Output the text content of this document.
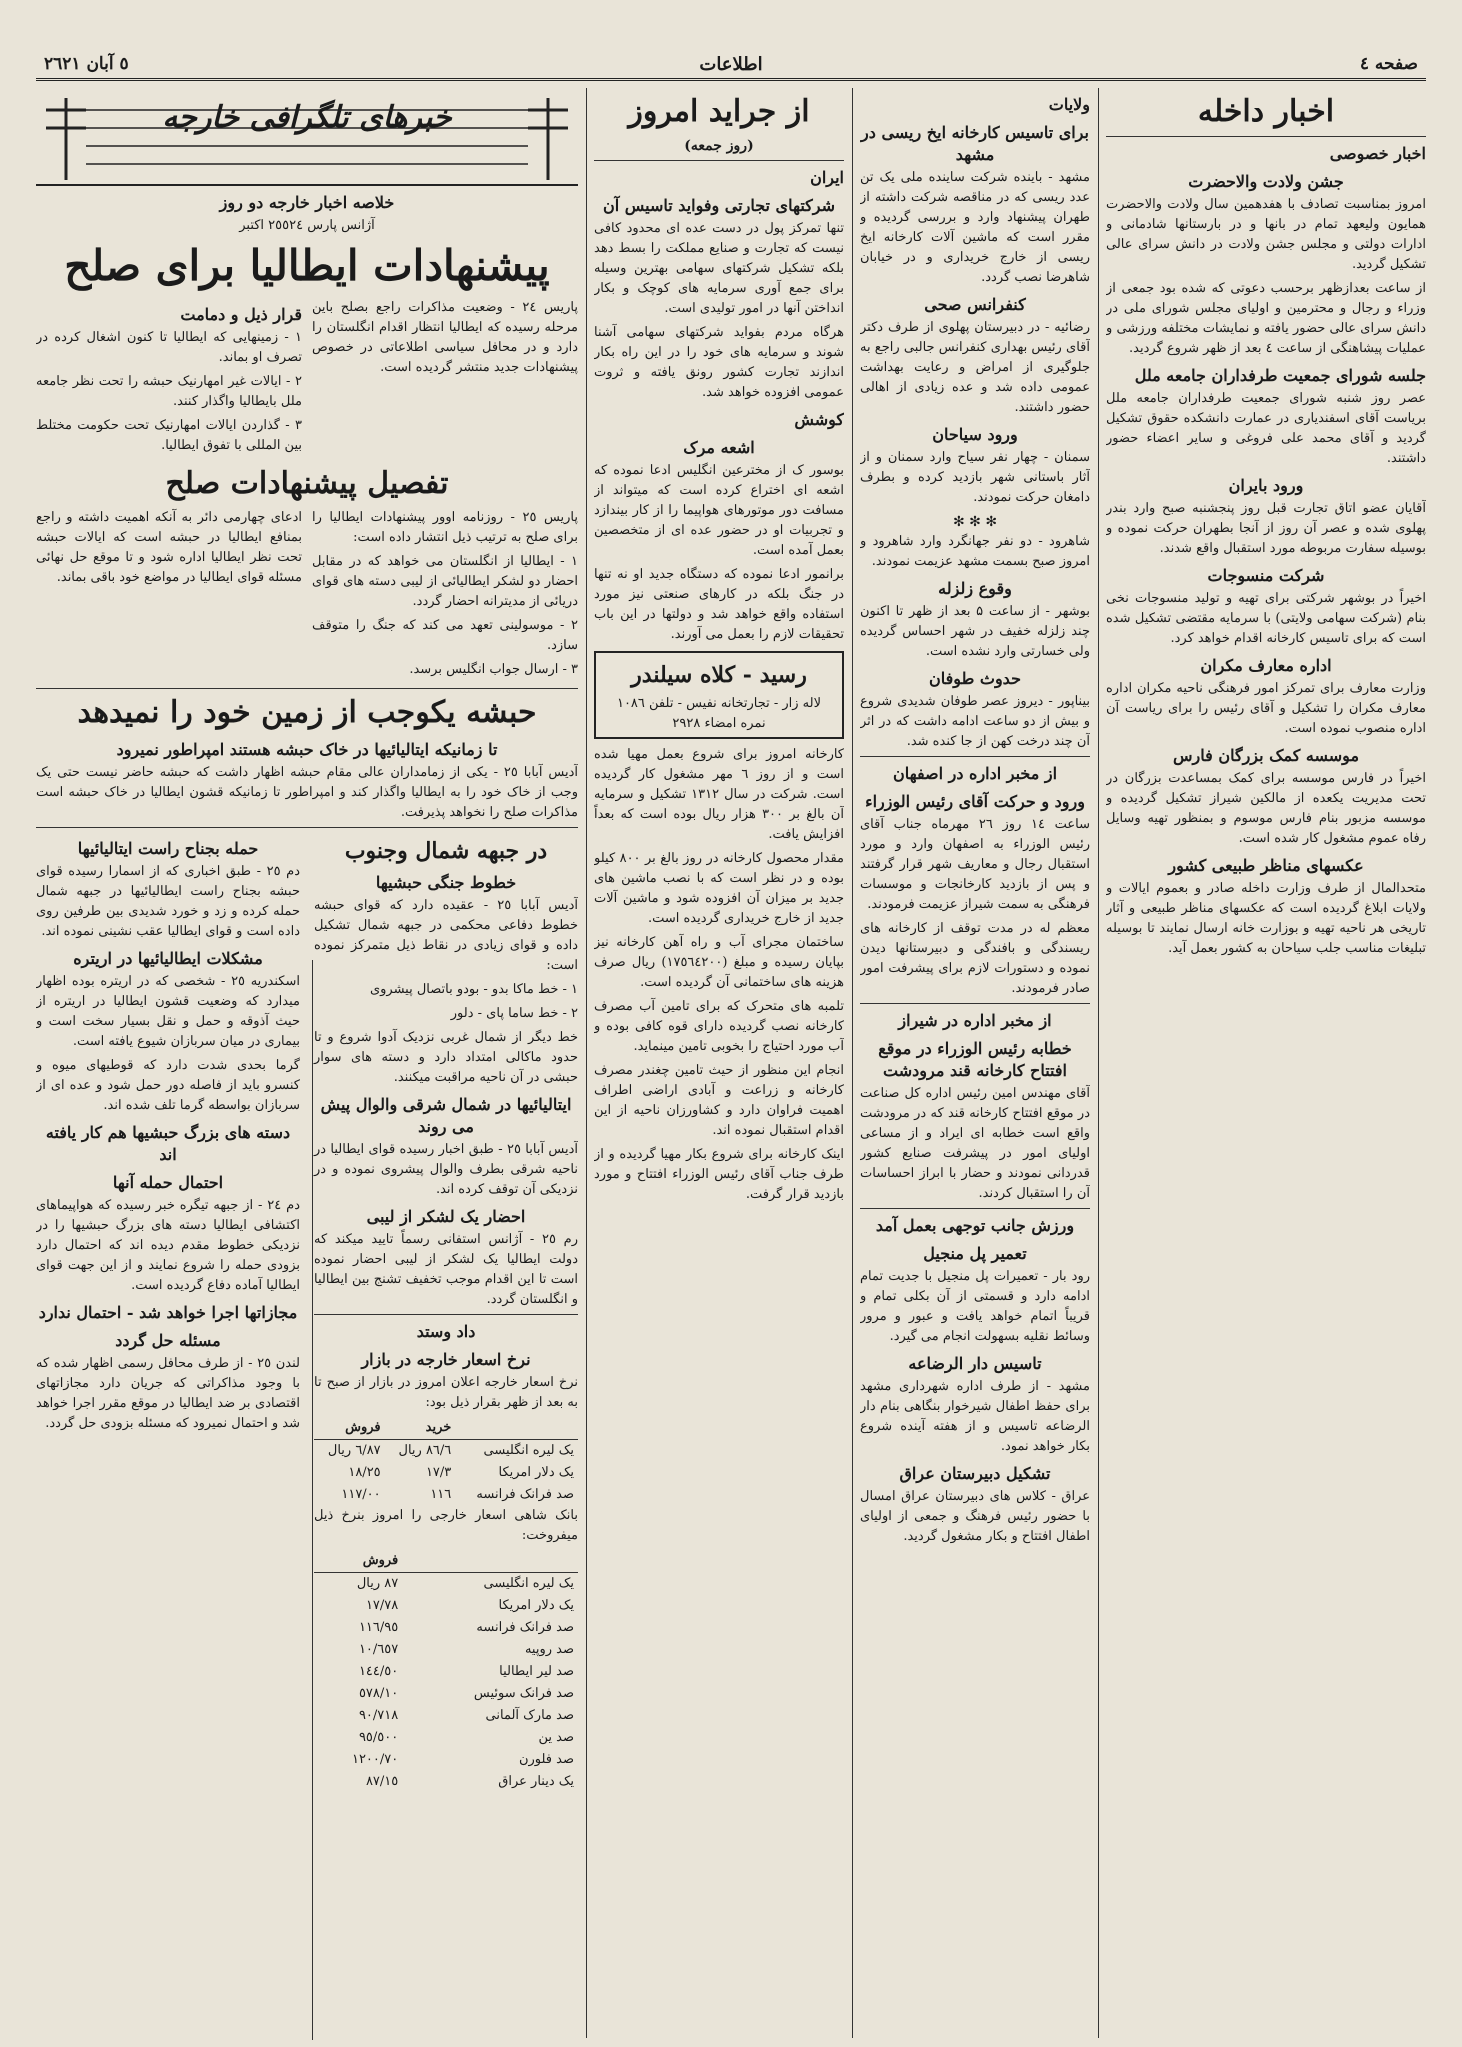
صفحه ٤
اطلاعات
٥ آبان ٢٦٢١
اخبار داخله
اخبار خصوصی
جشن ولادت والاحضرت

امروز بمناسبت تصادف با هفدهمین سال ولادت والاحضرت همایون ولیعهد تمام در بانها و در بارستانها شادمانی و ادارات دولتی و مجلس جشن ولادت در دانش سرای عالی تشکیل گردید.

از ساعت بعدازظهر برحسب دعوتی که شده بود جمعی از وزراء و رجال و محترمین و اولیای مجلس شورای ملی در دانش سرای عالی حضور یافته و نمایشات مختلفه ورزشی و عملیات پیشاهنگی از ساعت ٤ بعد از ظهر شروع گردید.

جلسه شورای جمعیت طرفداران جامعه ملل

عصر روز شنبه شورای جمعیت طرفداران جامعه ملل بریاست آقای اسفندیاری در عمارت دانشکده حقوق تشکیل گردید و آقای محمد علی فروغی و سایر اعضاء حضور داشتند.

ورود بایران

آقایان عضو اتاق تجارت قبل روز پنجشنبه صبح وارد بندر پهلوی شده و عصر آن روز از آنجا بطهران حرکت نموده و بوسیله سفارت مربوطه مورد استقبال واقع شدند.

شرکت منسوجات

اخیراً در بوشهر شرکتی برای تهیه و تولید منسوجات نخی بنام (شرکت سهامی ولایتی) با سرمایه مقتضی تشکیل شده است که برای تاسیس کارخانه اقدام خواهد کرد.

اداره معارف مکران

وزارت معارف برای تمرکز امور فرهنگی ناحیه مکران اداره معارف مکران را تشکیل و آقای رئیس را برای ریاست آن اداره منصوب نموده است.

موسسه کمک بزرگان فارس

اخیراً در فارس موسسه برای کمک بمساعدت بزرگان در تحت مدیریت یکعده از مالکین شیراز تشکیل گردیده و موسسه مزبور بنام فارس موسوم و بمنظور تهیه وسایل رفاه عموم مشغول کار شده است.

عکسهای مناظر طبیعی کشور

متحدالمال از طرف وزارت داخله صادر و بعموم ایالات و ولایات ابلاغ گردیده است که عکسهای مناظر طبیعی و آثار تاریخی هر ناحیه تهیه و بوزارت خانه ارسال نمایند تا بوسیله تبلیغات مناسب جلب سیاحان به کشور بعمل آید.

ولایات
برای تاسیس کارخانه ایخ ریسی در مشهد

مشهد - باینده شرکت ساینده ملی یک تن عدد ریسی که در مناقصه شرکت داشته از طهران پیشنهاد وارد و بررسی گردیده و مقرر است که ماشین آلات کارخانه ایخ ریسی از خارج خریداری و در خیابان شاهرضا نصب گردد.

کنفرانس صحی

رضائیه - در دبیرستان پهلوی از طرف دکتر آقای رئیس بهداری کنفرانس جالبی راجع به جلوگیری از امراض و رعایت بهداشت عمومی داده شد و عده زیادی از اهالی حضور داشتند.

ورود سیاحان

سمنان - چهار نفر سیاح وارد سمنان و از آثار باستانی شهر بازدید کرده و بطرف دامغان حرکت نمودند.

✻ ✻ ✻

شاهرود - دو نفر جهانگرد وارد شاهرود و امروز صبح بسمت مشهد عزیمت نمودند.

وقوع زلزله

بوشهر - از ساعت ۵ بعد از ظهر تا اکنون چند زلزله خفیف در شهر احساس گردیده ولی خسارتی وارد نشده است.

حدوث طوفان

بیناپور - دیروز عصر طوفان شدیدی شروع و بیش از دو ساعت ادامه داشت که در اثر آن چند درخت کهن از جا کنده شد.

از مخبر اداره در اصفهان
ورود و حرکت آقای رئیس الوزراء

ساعت ۱٤ روز ۲٦ مهرماه جناب آقای رئیس الوزراء به اصفهان وارد و مورد استقبال رجال و معاریف شهر قرار گرفتند و پس از بازدید کارخانجات و موسسات فرهنگی به سمت شیراز عزیمت فرمودند.

معظم له در مدت توقف از کارخانه های ریسندگی و بافندگی و دبیرستانها دیدن نموده و دستورات لازم برای پیشرفت امور صادر فرمودند.

از مخبر اداره در شیراز
خطابه رئیس الوزراء در موقع افتتاح کارخانه قند مرودشت

آقای مهندس امین رئیس اداره کل صناعت در موقع افتتاح کارخانه قند که در مرودشت واقع است خطابه ای ایراد و از مساعی اولیای امور در پیشرفت صنایع کشور قدردانی نمودند و حضار با ابراز احساسات آن را استقبال کردند.

ورزش جانب توجهی بعمل آمد
تعمیر پل منجیل

رود بار - تعمیرات پل منجیل با جدیت تمام ادامه دارد و قسمتی از آن بکلی تمام و قریباً اتمام خواهد یافت و عبور و مرور وسائط نقلیه بسهولت انجام می گیرد.

تاسیس دار الرضاعه

مشهد - از طرف اداره شهرداری مشهد برای حفظ اطفال شیرخوار بنگاهی بنام دار الرضاعه تاسیس و از هفته آینده شروع بکار خواهد نمود.

تشکیل دبیرستان عراق

عراق - کلاس های دبیرستان عراق امسال با حضور رئیس فرهنگ و جمعی از اولیای اطفال افتتاح و بکار مشغول گردید.

از جراید امروز
(روز جمعه)
ایران
شرکتهای تجارتی وفواید تاسیس آن

تنها تمرکز پول در دست عده ای محدود کافی نیست که تجارت و صنایع مملکت را بسط دهد بلکه تشکیل شرکتهای سهامی بهترین وسیله برای جمع آوری سرمایه های کوچک و بکار انداختن آنها در امور تولیدی است.

هرگاه مردم بفواید شرکتهای سهامی آشنا شوند و سرمایه های خود را در این راه بکار اندازند تجارت کشور رونق یافته و ثروت عمومی افزوده خواهد شد.

کوشش
اشعه مرک

بوسور ک از مخترعین انگلیس ادعا نموده که اشعه ای اختراع کرده است که میتواند از مسافت دور موتورهای هواپیما را از کار بیندازد و تجربیات او در حضور عده ای از متخصصین بعمل آمده است.

برانمور ادعا نموده که دستگاه جدید او نه تنها در جنگ بلکه در کارهای صنعتی نیز مورد استفاده واقع خواهد شد و دولتها در این باب تحقیقات لازم را بعمل می آورند.

رسید - کلاه سیلندر
لاله زار - تجارتخانه نفیس - تلفن ۱۰۸٦
نمره امضاء ۲٩۲۸

کارخانه امروز برای شروع بعمل مهیا شده است و از روز ٦ مهر مشغول کار گردیده است. شرکت در سال ۱۳۱۲ تشکیل و سرمایه آن بالغ بر ۳۰۰ هزار ریال بوده است که بعداً افزایش یافت.

مقدار محصول کارخانه در روز بالغ بر ۸۰۰ کیلو بوده و در نظر است که با نصب ماشین های جدید بر میزان آن افزوده شود و ماشین آلات جدید از خارج خریداری گردیده است.

ساختمان مجرای آب و راه آهن کارخانه نیز بپایان رسیده و مبلغ (۱۷٥٦٤٢٠٠) ریال صرف هزینه های ساختمانی آن گردیده است.

تلمبه های متحرک که برای تامین آب مصرف کارخانه نصب گردیده دارای قوه کافی بوده و آب مورد احتیاج را بخوبی تامین مینماید.

انجام این منظور از حیث تامین چغندر مصرف کارخانه و زراعت و آبادی اراضی اطراف اهمیت فراوان دارد و کشاورزان ناحیه از این اقدام استقبال نموده اند.

اینک کارخانه برای شروع بکار مهیا گردیده و از طرف جناب آقای رئیس الوزراء افتتاح و مورد بازدید قرار گرفت.

خبرهای تلگرافی خارجه
خلاصه اخبار خارجه دو روز
آژانس پارس ۲٥٥۲٤ اکتبر
پیشنهادات ایطالیا برای صلح

پاریس ۲٤ - وضعیت مذاکرات راجع بصلح باین مرحله رسیده که ایطالیا انتظار اقدام انگلستان را دارد و در محافل سیاسی اطلاعاتی در خصوص پیشنهادات جدید منتشر گردیده است.

قرار ذیل و دمامت

١ - زمینهایی که ایطالیا تا کنون اشغال کرده در تصرف او بماند.

٢ - ایالات غیر امهارنیک حبشه را تحت نظر جامعه ملل بایطالیا واگذار کنند.

٣ - گذاردن ایالات امهارنیک تحت حکومت مختلط بین المللی با تفوق ایطالیا.

تفصیل پیشنهادات صلح

پاریس ۲٥ - روزنامه اوور پیشنهادات ایطالیا را برای صلح به ترتیب ذیل انتشار داده است:

١ - ایطالیا از انگلستان می خواهد که در مقابل احضار دو لشکر ایطالیائی از لیبی دسته های قوای دریائی از مدیترانه احضار گردد.

٢ - موسولینی تعهد می کند که جنگ را متوقف سازد.

٣ - ارسال جواب انگلیس برسد.

ادعای چهارمی دائر به آنکه اهمیت داشته و راجع بمنافع ایطالیا در حبشه است که ایالات حبشه تحت نظر ایطالیا اداره شود و تا موقع حل نهائی مسئله قوای ایطالیا در مواضع خود باقی بماند.

حبشه یکوجب از زمین خود را نمیدهد
تا زمانیکه ایتالیائیها در خاک حبشه هستند امپراطور نمیرود

آدیس آبابا ۲٥ - یکی از زمامداران عالی مقام حبشه اظهار داشت که حبشه حاضر نیست حتی یک وجب از خاک خود را به ایطالیا واگذار کند و امپراطور تا زمانیکه قشون ایطالیا در خاک حبشه است مذاکرات صلح را نخواهد پذیرفت.

در جبهه شمال وجنوب
خطوط جنگی حبشیها

آدیس آبابا ۲٥ - عقیده دارد که قوای حبشه خطوط دفاعی محکمی در جبهه شمال تشکیل داده و قوای زیادی در نقاط ذیل متمرکز نموده است:

١ - خط ماکا بدو - بودو باتصال پیشروی

٢ - خط ساما پای - دلور

خط دیگر از شمال غربی نزدیک آدوا شروع و تا حدود ماکالی امتداد دارد و دسته های سوار حبشی در آن ناحیه مراقبت میکنند.

ایتالیائیها در شمال شرقی والوال پیش می روند

آدیس آبابا ۲٥ - طبق اخبار رسیده قوای ایطالیا در ناحیه شرقی بطرف والوال پیشروی نموده و در نزدیکی آن توقف کرده اند.

احضار یک لشکر از لیبی

رم ۲٥ - آژانس استفانی رسماً تایید میکند که دولت ایطالیا یک لشکر از لیبی احضار نموده است تا این اقدام موجب تخفیف تشنج بین ایطالیا و انگلستان گردد.

داد وستد
نرخ اسعار خارجه در بازار

نرخ اسعار خارجه اعلان امروز در بازار از صبح تا به بعد از ظهر بقرار ذیل بود:

	خرید	فروش
یک لیره انگلیسی	۸٦/٦ ریال	۸۷/٦ ریال
یک دلار امریکا	۱۷/۳	۱۸/۲٥
صد فرانک فرانسه	۱۱٦	۱۱۷/۰۰

بانک شاهی اسعار خارجی را امروز بنرخ ذیل میفروخت:

	فروش
یک لیره انگلیسی	۸۷ ریال
یک دلار امریکا	۱۷/۷۸
صد فرانک فرانسه	۱۱٦/٩٥
صد روپیه	٦٥٧/۱۰
صد لیر ایطالیا	۱٤٤/٥۰
صد فرانک سوئیس	٥۷۸/۱۰
صد مارک آلمانی	۷۱۸/٩۰
صد ین	٥۰۰/٩٥
صد فلورن	۱۲۰۰/۷۰
یک دینار عراق	۸۷/۱٥
حمله بجناح راست ایتالیائیها

دم ۲٥ - طبق اخباری که از اسمارا رسیده قوای حبشه بجناح راست ایطالیائیها در جبهه شمال حمله کرده و زد و خورد شدیدی بین طرفین روی داده است و قوای ایطالیا عقب نشینی نموده اند.

مشکلات ایطالیائیها در اریتره

اسکندریه ۲٥ - شخصی که در اریتره بوده اظهار میدارد که وضعیت قشون ایطالیا در اریتره از حیث آذوقه و حمل و نقل بسیار سخت است و بیماری در میان سربازان شیوع یافته است.

گرما بحدی شدت دارد که قوطیهای میوه و کنسرو باید از فاصله دور حمل شود و عده ای از سربازان بواسطه گرما تلف شده اند.

دسته های بزرگ حبشیها هم کار یافته اند
احتمال حمله آنها

دم ۲٤ - از جبهه تیگره خبر رسیده که هواپیماهای اکتشافی ایطالیا دسته های بزرگ حبشیها را در نزدیکی خطوط مقدم دیده اند که احتمال دارد بزودی حمله را شروع نمایند و از این جهت قوای ایطالیا آماده دفاع گردیده است.

مجازاتها اجرا خواهد شد - احتمال ندارد
مسئله حل گردد

لندن ۲٥ - از طرف محافل رسمی اظهار شده که با وجود مذاکراتی که جریان دارد مجازاتهای اقتصادی بر ضد ایطالیا در موقع مقرر اجرا خواهد شد و احتمال نمیرود که مسئله بزودی حل گردد.
